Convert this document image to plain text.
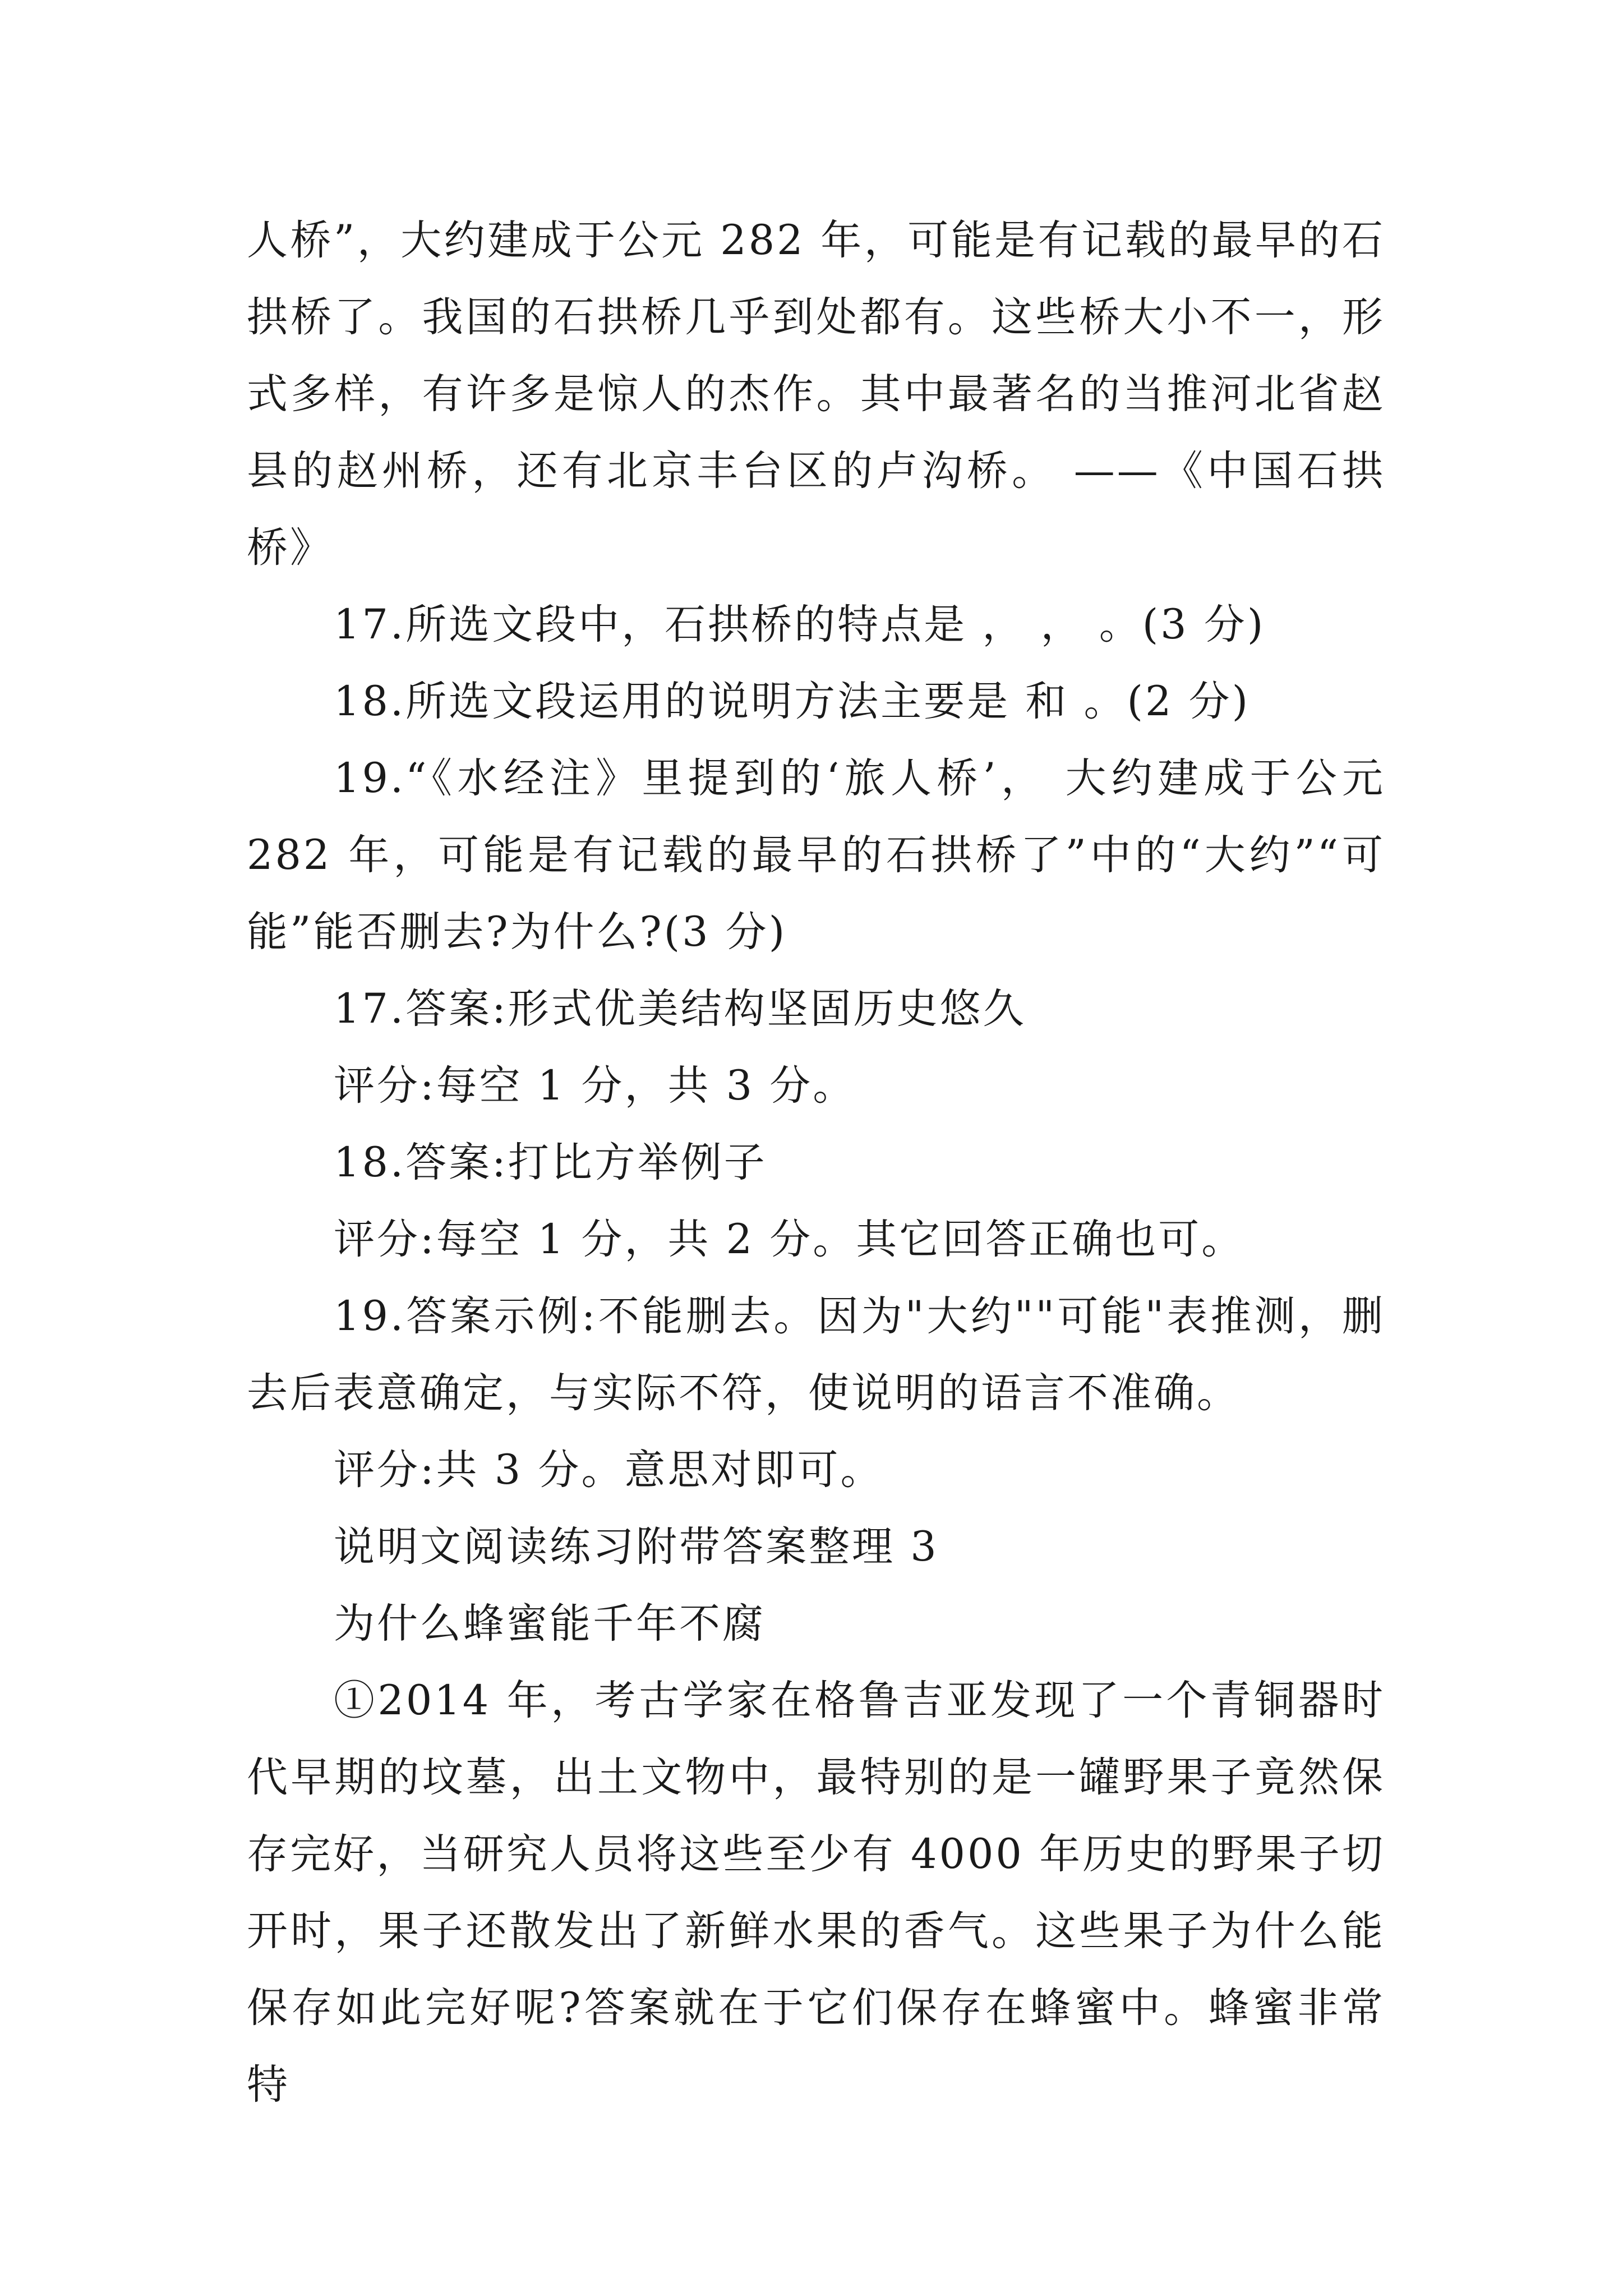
人桥”，大约建成于公元 282 年，可能是有记载的最早的石拱桥了。我国的石拱桥几乎到处都有。这些桥大小不一，形式多样，有许多是惊人的杰作。其中最著名的当推河北省赵县的赵州桥，还有北京丰台区的卢沟桥。 ——《中国石拱桥》

17.所选文段中，石拱桥的特点是 ， ， 。(3 分)

18.所选文段运用的说明方法主要是 和 。(2 分)

19.“《水经注》里提到的‘旅人桥’， 大约建成于公元 282 年，可能是有记载的最早的石拱桥了”中的“大约”“可能”能否删去?为什么?(3 分)

17.答案:形式优美结构坚固历史悠久

评分:每空 1 分，共 3 分。

18.答案:打比方举例子

评分:每空 1 分，共 2 分。其它回答正确也可。

19.答案示例:不能删去。因为"大约""可能"表推测，删去后表意确定，与实际不符，使说明的语言不准确。

评分:共 3 分。意思对即可。

说明文阅读练习附带答案整理 3

为什么蜂蜜能千年不腐

①2014 年，考古学家在格鲁吉亚发现了一个青铜器时代早期的坟墓，出土文物中，最特别的是一罐野果子竟然保存完好，当研究人员将这些至少有 4000 年历史的野果子切开时，果子还散发出了新鲜水果的香气。这些果子为什么能保存如此完好呢?答案就在于它们保存在蜂蜜中。蜂蜜非常特
